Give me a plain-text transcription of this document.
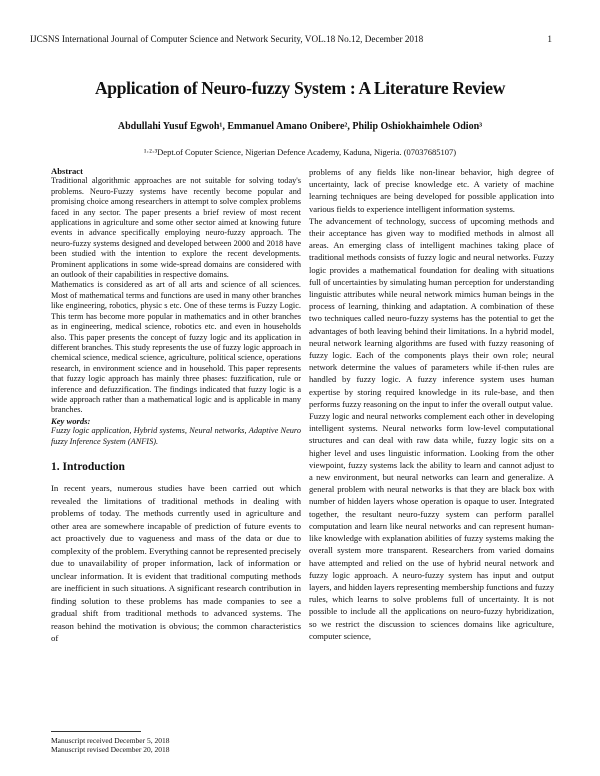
IJCSNS International Journal of Computer Science and Network Security, VOL.18 No.12, December 2018	1
Application of Neuro-fuzzy System : A Literature Review
Abdullahi Yusuf Egwoh¹, Emmanuel Amano Onibere², Philip Oshiokhaimhele Odion³
¹·²·³Dept.of Coputer Science, Nigerian Defence Academy, Kaduna, Nigeria. (07037685107)

Abstract

Traditional algorithmic approaches are not suitable for solving today's problems. Neuro-Fuzzy systems have recently become popular and promising choice among researchers in attempt to solve complex problems faced in any sector. The paper presents a brief review of most recent applications in agriculture and some other sector aimed at knowing future events in advance specifically employing neuro-fuzzy approach. The neuro-fuzzy systems designed and developed between 2000 and 2018 have been studied with the intention to explore the recent developments. Prominent applications in some wide-spread domains are considered with an outlook of their capabilities in respective domains.

Mathematics is considered as art of all arts and science of all sciences. Most of mathematical terms and functions are used in many other branches like engineering, robotics, physic s etc. One of these terms is Fuzzy Logic. This term has become more popular in mathematics and in other branches as in engineering, medical science, robotics etc. and even in households also. This paper presents the concept of fuzzy logic and its application in different branches. This study represents the use of fuzzy logic approach in chemical science, medical science, agriculture, political science, operations research, in environment science and in household. This paper represents that fuzzy logic approach has mainly three phases: fuzzification, rule or inference and defuzzification. The findings indicated that fuzzy logic is a wide approach rather than a mathematical logic and is applicable in many branches.

Key words:

Fuzzy logic application, Hybrid systems, Neural networks, Adaptive Neuro fuzzy Inference System (ANFIS).

1. Introduction

In recent years, numerous studies have been carried out which revealed the limitations of traditional methods in dealing with problems of today. The methods currently used in agriculture and other area are somewhere incapable of prediction of future events to act proactively due to vagueness and mass of the data or due to complexity of the problem. Everything cannot be represented precisely due to unavailability of proper information, lack of information or unclear information. It is evident that traditional computing methods are inefficient in such situations. A significant research contribution in finding solution to these problems has made companies to see a gradual shift from traditional methods to advanced systems. The reason behind the motivation is obvious; the common characteristics of

problems of any fields like non-linear behavior, high degree of uncertainty, lack of precise knowledge etc. A variety of machine learning techniques are being developed for possible application into various fields to experience intelligent information systems.

The advancement of technology, success of upcoming methods and their acceptance has given way to modified methods in almost all areas. An emerging class of intelligent machines taking place of traditional methods consists of fuzzy logic and neural networks. Fuzzy logic provides a mathematical foundation for dealing with situations full of uncertainties by simulating human perception for understanding linguistic attributes while neural network mimics human beings in the process of learning, thinking and adaptation. A combination of these two techniques called neuro-fuzzy systems has the potential to get the advantages of both leaving behind their limitations. In a hybrid model, neural network learning algorithms are fused with fuzzy reasoning of fuzzy logic. Each of the components plays their own role; neural network determine the values of parameters while if-then rules are handled by fuzzy logic. A fuzzy inference system uses human expertise by storing required knowledge in its rule-base, and then performs fuzzy reasoning on the input to infer the overall output value.

Fuzzy logic and neural networks complement each other in developing intelligent systems. Neural networks form low-level computational structures and can deal with raw data while, fuzzy logic sits on a higher level and uses linguistic information. Looking from the other viewpoint, fuzzy systems lack the ability to learn and cannot adjust to a new environment, but neural networks can learn and generalize. A general problem with neural networks is that they are black box with number of hidden layers whose operation is opaque to user. Integrated together, the resultant neuro-fuzzy system can perform parallel computation and learn like neural networks and can represent human-like knowledge with explanation abilities of fuzzy systems making the overall system more transparent. Researchers from varied domains have attempted and relied on the use of hybrid neural network and fuzzy logic approach. A neuro-fuzzy system has input and output layers, and hidden layers representing membership functions and fuzzy rules, which learns to solve problems full of uncertainty. It is not possible to include all the applications on neuro-fuzzy hybridization, so we restrict the discussion to sciences domains like agriculture, computer science,

Manuscript received December 5, 2018
Manuscript revised December 20, 2018
